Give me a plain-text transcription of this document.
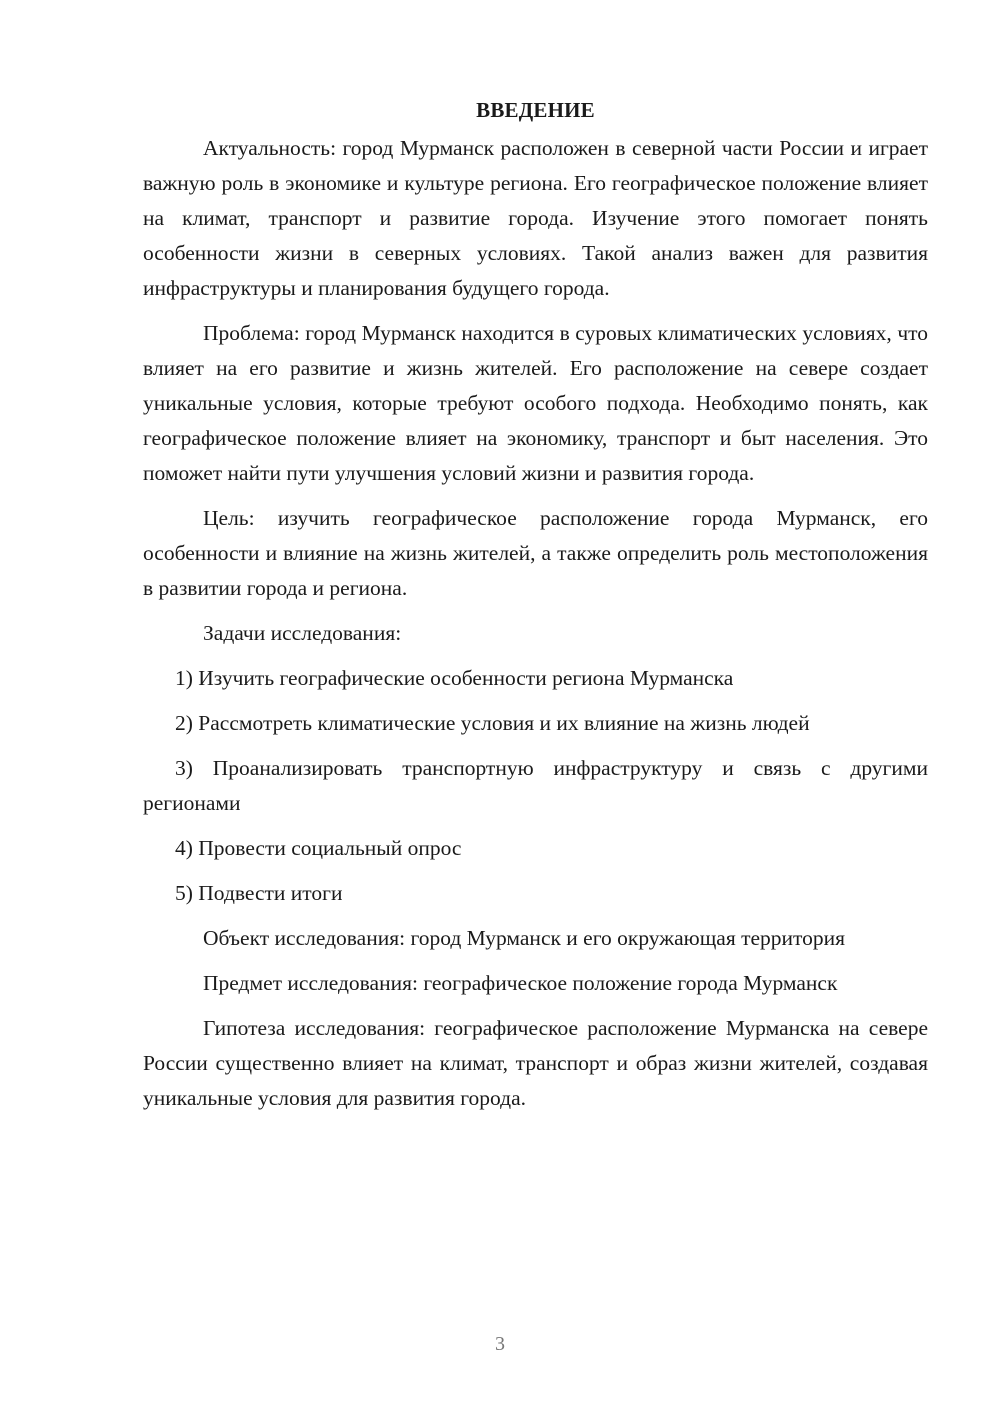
ВВЕДЕНИЕ

Актуальность: город Мурманск расположен в северной части России и играет важную роль в экономике и культуре региона. Его географическое положение влияет на климат, транспорт и развитие города. Изучение этого помогает понять особенности жизни в северных условиях. Такой анализ важен для развития инфраструктуры и планирования будущего города.

Проблема: город Мурманск находится в суровых климатических условиях, что влияет на его развитие и жизнь жителей. Его расположение на севере создает уникальные условия, которые требуют особого подхода. Необходимо понять, как географическое положение влияет на экономику, транспорт и быт населения. Это поможет найти пути улучшения условий жизни и развития города.

Цель: изучить географическое расположение города Мурманск, его особенности и влияние на жизнь жителей, а также определить роль местоположения в развитии города и региона.

Задачи исследования:

1) Изучить географические особенности региона Мурманска

2) Рассмотреть климатические условия и их влияние на жизнь людей

3) Проанализировать транспортную инфраструктуру и связь с другими регионами

4) Провести социальный опрос

5) Подвести итоги

Объект исследования: город Мурманск и его окружающая территория

Предмет исследования: географическое положение города Мурманск

Гипотеза исследования: географическое расположение Мурманска на севере России существенно влияет на климат, транспорт и образ жизни жителей, создавая уникальные условия для развития города.

3
